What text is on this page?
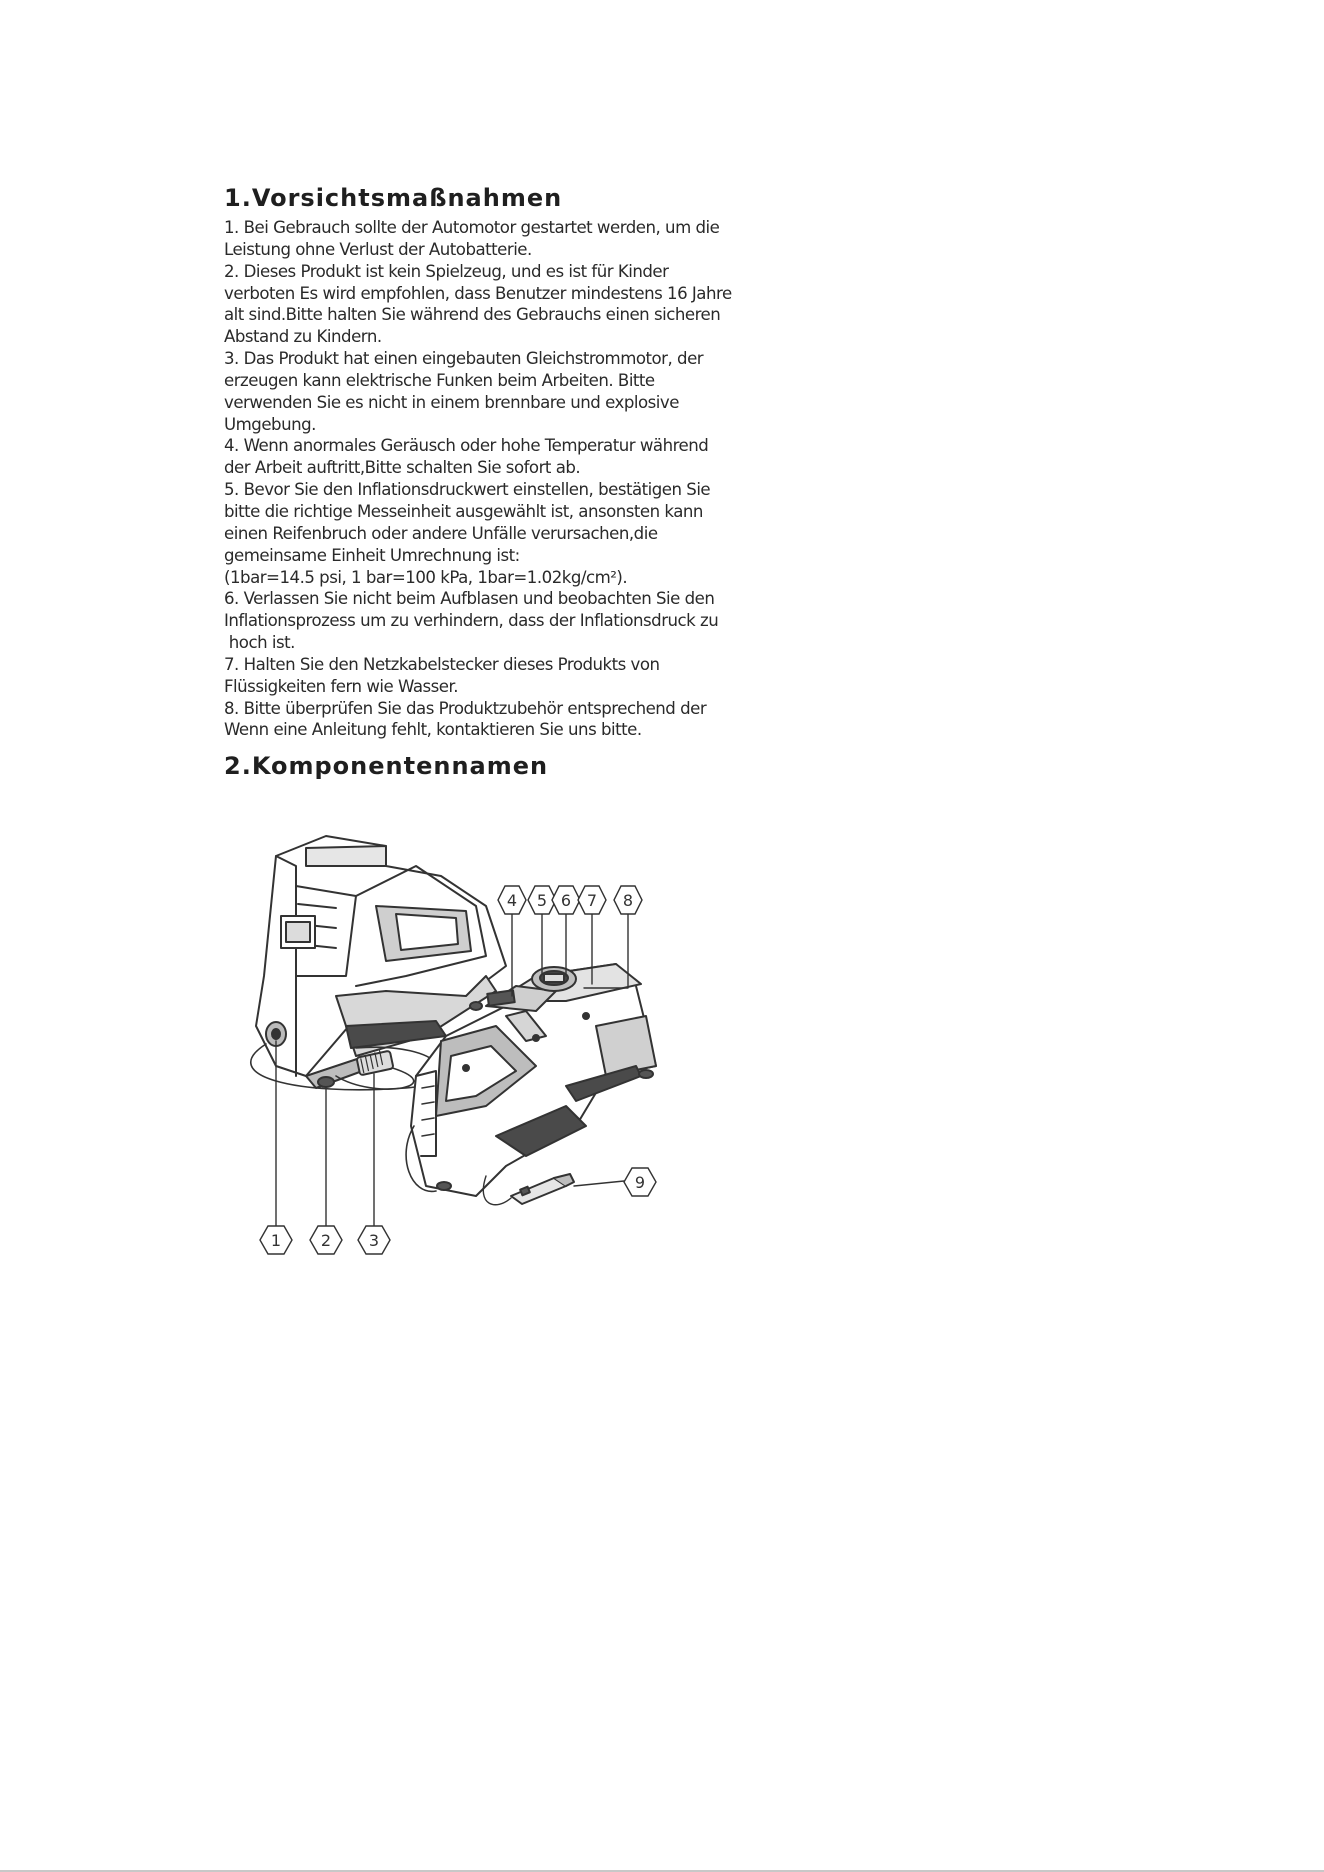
1.Vorsichtsmaßnahmen
1. Bei Gebrauch sollte der Automotor gestartet werden, um die
Leistung ohne Verlust der Autobatterie.
2. Dieses Produkt ist kein Spielzeug, und es ist für Kinder
verboten Es wird empfohlen, dass Benutzer mindestens 16 Jahre
alt sind.Bitte halten Sie während des Gebrauchs einen sicheren
Abstand zu Kindern.
3. Das Produkt hat einen eingebauten Gleichstrommotor, der
erzeugen kann elektrische Funken beim Arbeiten. Bitte
verwenden Sie es nicht in einem brennbare und explosive
Umgebung.
4. Wenn anormales Geräusch oder hohe Temperatur während
der Arbeit auftritt,Bitte schalten Sie sofort ab.
5. Bevor Sie den Inflationsdruckwert einstellen, bestätigen Sie
bitte die richtige Messeinheit ausgewählt ist, ansonsten kann
einen Reifenbruch oder andere Unfälle verursachen,die
gemeinsame Einheit Umrechnung ist:
(1bar=14.5 psi, 1 bar=100 kPa, 1bar=1.02kg/cm²).
6. Verlassen Sie nicht beim Aufblasen und beobachten Sie den
Inflationsprozess um zu verhindern, dass der Inflationsdruck zu
hoch ist.
7. Halten Sie den Netzkabelstecker dieses Produkts von
Flüssigkeiten fern wie Wasser.
8. Bitte überprüfen Sie das Produktzubehör entsprechend der
Wenn eine Anleitung fehlt, kontaktieren Sie uns bitte.
2.Komponentennamen
1 2 3
4 5 6 7 8
9
